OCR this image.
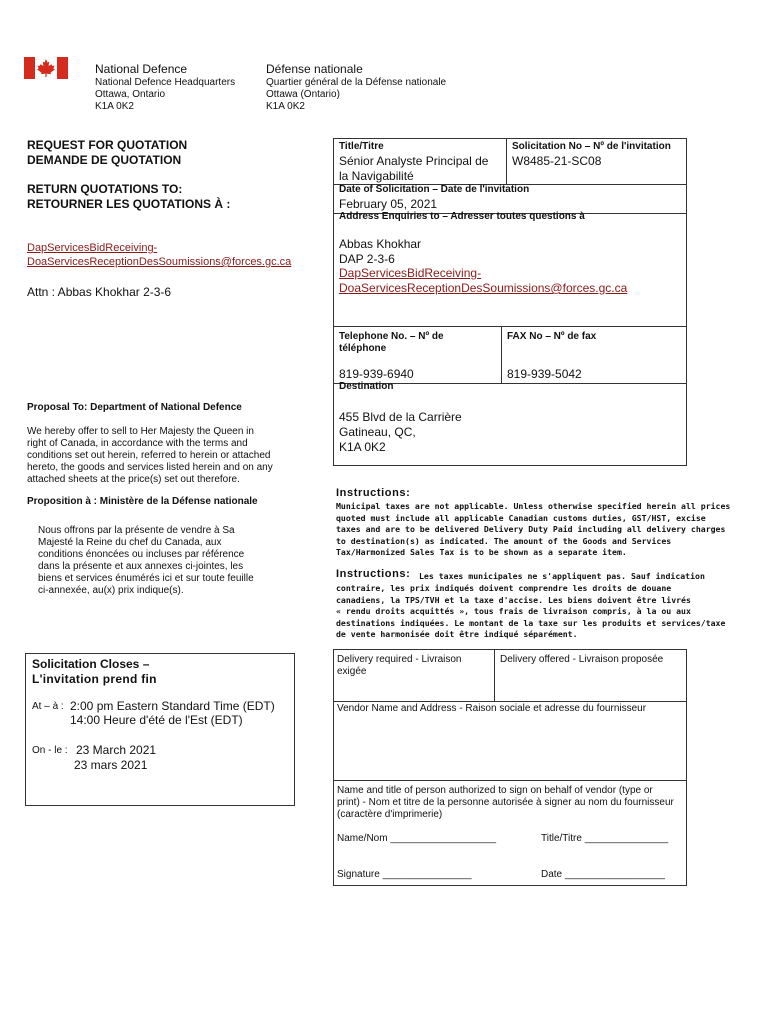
National Defence
National Defence Headquarters
Ottawa, Ontario
K1A 0K2
Défense nationale
Quartier général de la Défense nationale
Ottawa (Ontario)
K1A 0K2
REQUEST FOR QUOTATION
DEMANDE DE QUOTATION
RETURN QUOTATIONS TO:
RETOURNER LES QUOTATIONS À :
DapServicesBidReceiving-
DoaServicesReceptionDesSoumissions@forces.gc.ca
Attn : Abbas Khokhar 2-3-6
Proposal To: Department of National Defence
We hereby offer to sell to Her Majesty the Queen in
right of Canada, in accordance with the terms and
conditions set out herein, referred to herein or attached
hereto, the goods and services listed herein and on any
attached sheets at the price(s) set out therefore.
Proposition à : Ministère de la Défense nationale
Nous offrons par la présente de vendre à Sa
Majesté la Reine du chef du Canada, aux
conditions énoncées ou incluses par référence
dans la présente et aux annexes ci-jointes, les
biens et services énumérés ici et sur toute feuille
ci-annexée, au(x) prix indique(s).
Solicitation Closes –
L'invitation prend fin
At – à : 2:00 pm Eastern Standard Time (EDT)
14:00 Heure d'été de l'Est (EDT)
On - le : 23 March 2021
23 mars 2021
Title/Titre
Sénior Analyste Principal de
la Navigabilité
Solicitation No – Nº de l'invitation
W8485-21-SC08
Date of Solicitation – Date de l'invitation
February 05, 2021
Address Enquiries to – Adresser toutes questions à
Abbas Khokhar
DAP 2-3-6
DapServicesBidReceiving-
DoaServicesReceptionDesSoumissions@forces.gc.ca
Telephone No. – Nº de
téléphone
FAX No – Nº de fax
819-939-6940	819-939-5042
Destination
455 Blvd de la Carrière
Gatineau, QC,
K1A 0K2
Instructions:
Municipal taxes are not applicable. Unless otherwise specified herein all prices
quoted must include all applicable Canadian customs duties, GST/HST, excise
taxes and are to be delivered Delivery Duty Paid including all delivery charges
to destination(s) as indicated. The amount of the Goods and Services
Tax/Harmonized Sales Tax is to be shown as a separate item.
Instructions: Les taxes municipales ne s'appliquent pas. Sauf indication
contraire, les prix indiqués doivent comprendre les droits de douane
canadiens, la TPS/TVH et la taxe d'accise. Les biens doivent être livrés
« rendu droits acquittés », tous frais de livraison compris, à la ou aux
destinations indiquées. Le montant de la taxe sur les produits et services/taxe
de vente harmonisée doit être indiqué séparément.
Delivery required - Livraison
exigée
Delivery offered - Livraison proposée
Vendor Name and Address - Raison sociale et adresse du fournisseur
Name and title of person authorized to sign on behalf of vendor (type or
print) - Nom et titre de la personne autorisée à signer au nom du fournisseur
(caractère d'imprimerie)
Name/Nom ___________________	Title/Titre _______________
Signature ________________	Date __________________
